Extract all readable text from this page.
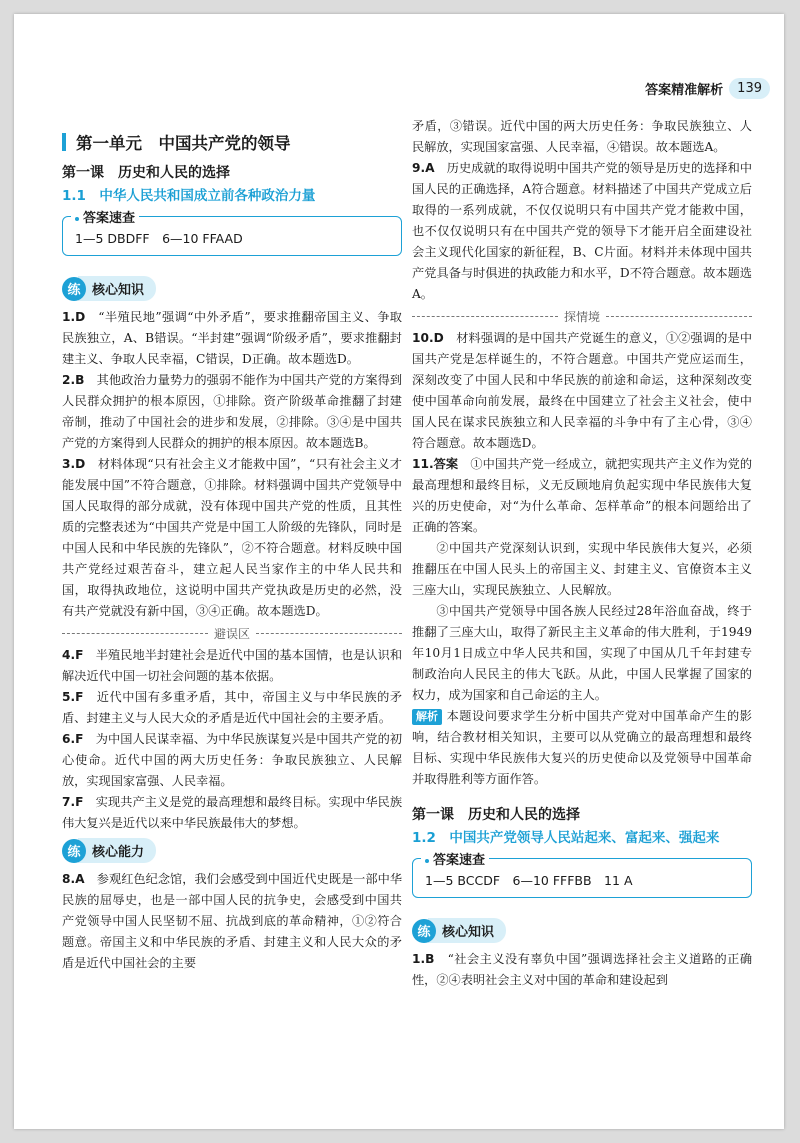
答案精准解析	139
第一单元　中国共产党的领导
第一课　历史和人民的选择
1.1　中华人民共和国成立前各种政治力量
答案速查
1—5 DBDFF　6—10 FFAAD
练 核心知识

1.D　 “半殖民地”强调“中外矛盾”，要求推翻帝国主义、争取民族独立，A、B错误。“半封建”强调“阶级矛盾”，要求推翻封建主义、争取人民幸福，C错误，D正确。故本题选D。

2.B　 其他政治力量势力的强弱不能作为中国共产党的方案得到人民群众拥护的根本原因，①排除。资产阶级革命推翻了封建帝制，推动了中国社会的进步和发展，②排除。③④是中国共产党的方案得到人民群众的拥护的根本原因。故本题选B。

3.D　 材料体现“只有社会主义才能救中国”，“只有社会主义才能发展中国”不符合题意，①排除。材料强调中国共产党领导中国人民取得的部分成就，没有体现中国共产党的性质，且其性质的完整表述为“中国共产党是中国工人阶级的先锋队，同时是中国人民和中华民族的先锋队”，②不符合题意。材料反映中国共产党经过艰苦奋斗，建立起人民当家作主的中华人民共和国，取得执政地位，这说明中国共产党执政是历史的必然，没有共产党就没有新中国，③④正确。故本题选D。

避误区

4.F　 半殖民地半封建社会是近代中国的基本国情，也是认识和解决近代中国一切社会问题的基本依据。

5.F　 近代中国有多重矛盾，其中，帝国主义与中华民族的矛盾、封建主义与人民大众的矛盾是近代中国社会的主要矛盾。

6.F　 为中国人民谋幸福、为中华民族谋复兴是中国共产党的初心使命。近代中国的两大历史任务：争取民族独立、人民解放，实现国家富强、人民幸福。

7.F　 实现共产主义是党的最高理想和最终目标。实现中华民族伟大复兴是近代以来中华民族最伟大的梦想。

练 核心能力

8.A　 参观红色纪念馆，我们会感受到中国近代史既是一部中华民族的屈辱史，也是一部中国人民的抗争史，会感受到中国共产党领导中国人民坚韧不屈、抗战到底的革命精神，①②符合题意。帝国主义和中华民族的矛盾、封建主义和人民大众的矛盾是近代中国社会的主要

矛盾，③错误。近代中国的两大历史任务：争取民族独立、人民解放，实现国家富强、人民幸福，④错误。故本题选A。

9.A　 历史成就的取得说明中国共产党的领导是历史的选择和中国人民的正确选择，A符合题意。材料描述了中国共产党成立后取得的一系列成就，不仅仅说明只有中国共产党才能救中国，也不仅仅说明只有在中国共产党的领导下才能开启全面建设社会主义现代化国家的新征程，B、C片面。材料并未体现中国共产党具备与时俱进的执政能力和水平，D不符合题意。故本题选A。

探情境

10.D　 材料强调的是中国共产党诞生的意义，①②强调的是中国共产党是怎样诞生的，不符合题意。中国共产党应运而生，深刻改变了中国人民和中华民族的前途和命运，这种深刻改变使中国革命向前发展，最终在中国建立了社会主义社会，使中国人民在谋求民族独立和人民幸福的斗争中有了主心骨，③④符合题意。故本题选D。

11.答案　 ①中国共产党一经成立，就把实现共产主义作为党的最高理想和最终目标，义无反顾地肩负起实现中华民族伟大复兴的历史使命，对“为什么革命、怎样革命”的根本问题给出了正确的答案。

②中国共产党深刻认识到，实现中华民族伟大复兴，必须推翻压在中国人民头上的帝国主义、封建主义、官僚资本主义三座大山，实现民族独立、人民解放。

③中国共产党领导中国各族人民经过28年浴血奋战，终于推翻了三座大山，取得了新民主主义革命的伟大胜利，于1949年10月1日成立中华人民共和国，实现了中国从几千年封建专制政治向人民民主的伟大飞跃。从此，中国人民掌握了国家的权力，成为国家和自己命运的主人。

解析 本题设问要求学生分析中国共产党对中国革命产生的影响，结合教材相关知识，主要可以从党确立的最高理想和最终目标、实现中华民族伟大复兴的历史使命以及党领导中国革命并取得胜利等方面作答。

第一课　历史和人民的选择
1.2　中国共产党领导人民站起来、富起来、强起来
答案速查
1—5 BCCDF　6—10 FFFBB　11 A
练 核心知识

1.B　 “社会主义没有辜负中国”强调选择社会主义道路的正确性，②④表明社会主义对中国的革命和建设起到
